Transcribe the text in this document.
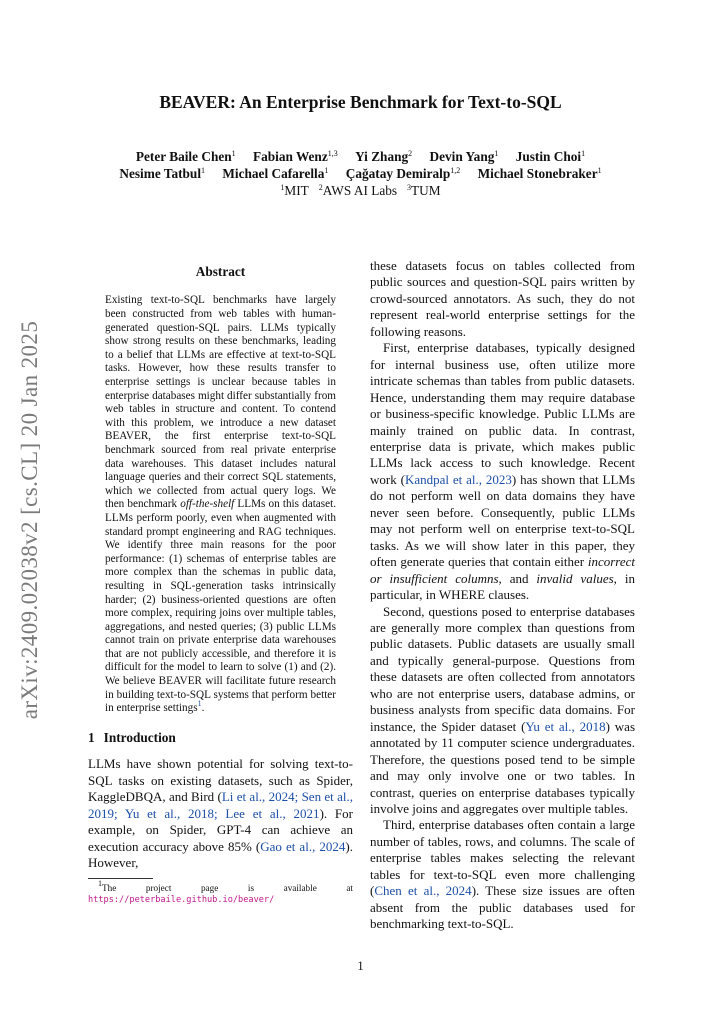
arXiv:2409.02038v2 [cs.CL] 20 Jan 2025
BEAVER: An Enterprise Benchmark for Text-to-SQL
Peter Baile Chen$^1$ Fabian Wenz$^{1,3}$ Yi Zhang$^2$ Devin Yang$^1$ Justin Choi$^1$
Nesime Tatbul$^1$ Michael Cafarella$^1$ Çağatay Demiralp$^{1,2}$ Michael Stonebraker$^1$
$^1$MIT $^2$AWS AI Labs $^3$TUM
Abstract
Existing text-to-SQL benchmarks have largely been constructed from web tables with human-generated question-SQL pairs. LLMs typically show strong results on these benchmarks, leading to a belief that LLMs are effective at text-to-SQL tasks. However, how these results transfer to enterprise settings is unclear because tables in enterprise databases might differ substantially from web tables in structure and content. To contend with this problem, we introduce a new dataset BEAVER, the first enterprise text-to-SQL benchmark sourced from real private enterprise data warehouses. This dataset includes natural language queries and their correct SQL statements, which we collected from actual query logs. We then benchmark off-the-shelf LLMs on this dataset. LLMs perform poorly, even when augmented with standard prompt engineering and RAG techniques. We identify three main reasons for the poor performance: (1) schemas of enterprise tables are more complex than the schemas in public data, resulting in SQL-generation tasks intrinsically harder; (2) business-oriented questions are often more complex, requiring joins over multiple tables, aggregations, and nested queries; (3) public LLMs cannot train on private enterprise data warehouses that are not publicly accessible, and therefore it is difficult for the model to learn to solve (1) and (2). We believe BEAVER will facilitate future research in building text-to-SQL systems that perform better in enterprise settings$^1$.
1 Introduction

LLMs have shown potential for solving text-to-SQL tasks on existing datasets, such as Spider, KaggleDBQA, and Bird (Li et al., 2024; Sen et al., 2019; Yu et al., 2018; Lee et al., 2021). For example, on Spider, GPT-4 can achieve an execution accuracy above 85% (Gao et al., 2024). However,

$^1$The project page is available at https://peterbaile.github.io/beaver/

these datasets focus on tables collected from public sources and question-SQL pairs written by crowd-sourced annotators. As such, they do not represent real-world enterprise settings for the following reasons.

First, enterprise databases, typically designed for internal business use, often utilize more intricate schemas than tables from public datasets. Hence, understanding them may require database or business-specific knowledge. Public LLMs are mainly trained on public data. In contrast, enterprise data is private, which makes public LLMs lack access to such knowledge. Recent work (Kandpal et al., 2023) has shown that LLMs do not perform well on data domains they have never seen before. Consequently, public LLMs may not perform well on enterprise text-to-SQL tasks. As we will show later in this paper, they often generate queries that contain either incorrect or insufficient columns, and invalid values, in particular, in WHERE clauses.

Second, questions posed to enterprise databases are generally more complex than questions from public datasets. Public datasets are usually small and typically general-purpose. Questions from these datasets are often collected from annotators who are not enterprise users, database admins, or business analysts from specific data domains. For instance, the Spider dataset (Yu et al., 2018) was annotated by 11 computer science undergraduates. Therefore, the questions posed tend to be simple and may only involve one or two tables. In contrast, queries on enterprise databases typically involve joins and aggregates over multiple tables.

Third, enterprise databases often contain a large number of tables, rows, and columns. The scale of enterprise tables makes selecting the relevant tables for text-to-SQL even more challenging (Chen et al., 2024). These size issues are often absent from the public databases used for benchmarking text-to-SQL.

1
